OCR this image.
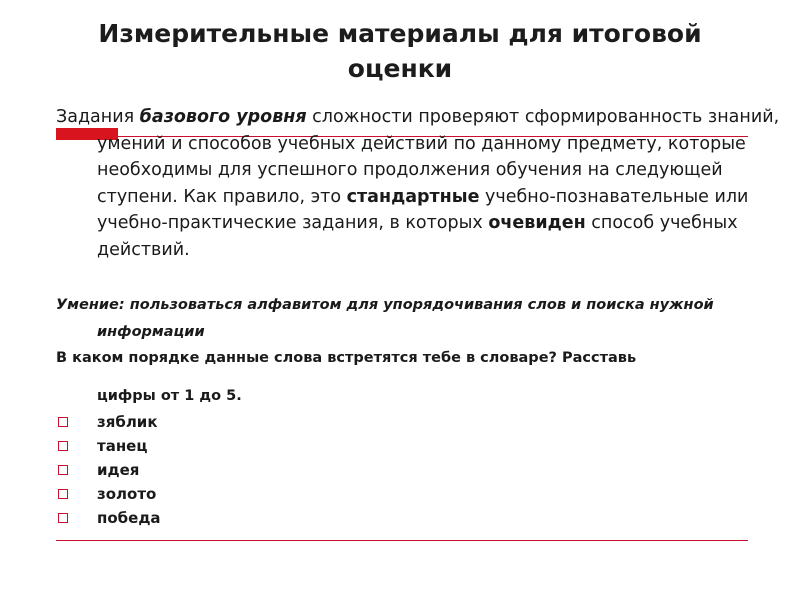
Измерительные материалы для итоговой оценки
Задания базового уровня сложности проверяют сформированность знаний, умений и способов учебных действий по данному предмету, которые необходимы для успешного продолжения обучения на следующей ступени. Как правило, это стандартные учебно-познавательные или учебно-практические задания, в которых очевиден способ учебных действий.
Умение: пользоваться алфавитом для упорядочивания слов и поиска нужной информации
В каком порядке данные слова встретятся тебе в словаре? Расставь
цифры от 1 до 5.
зяблик
танец
идея
золото
победа
